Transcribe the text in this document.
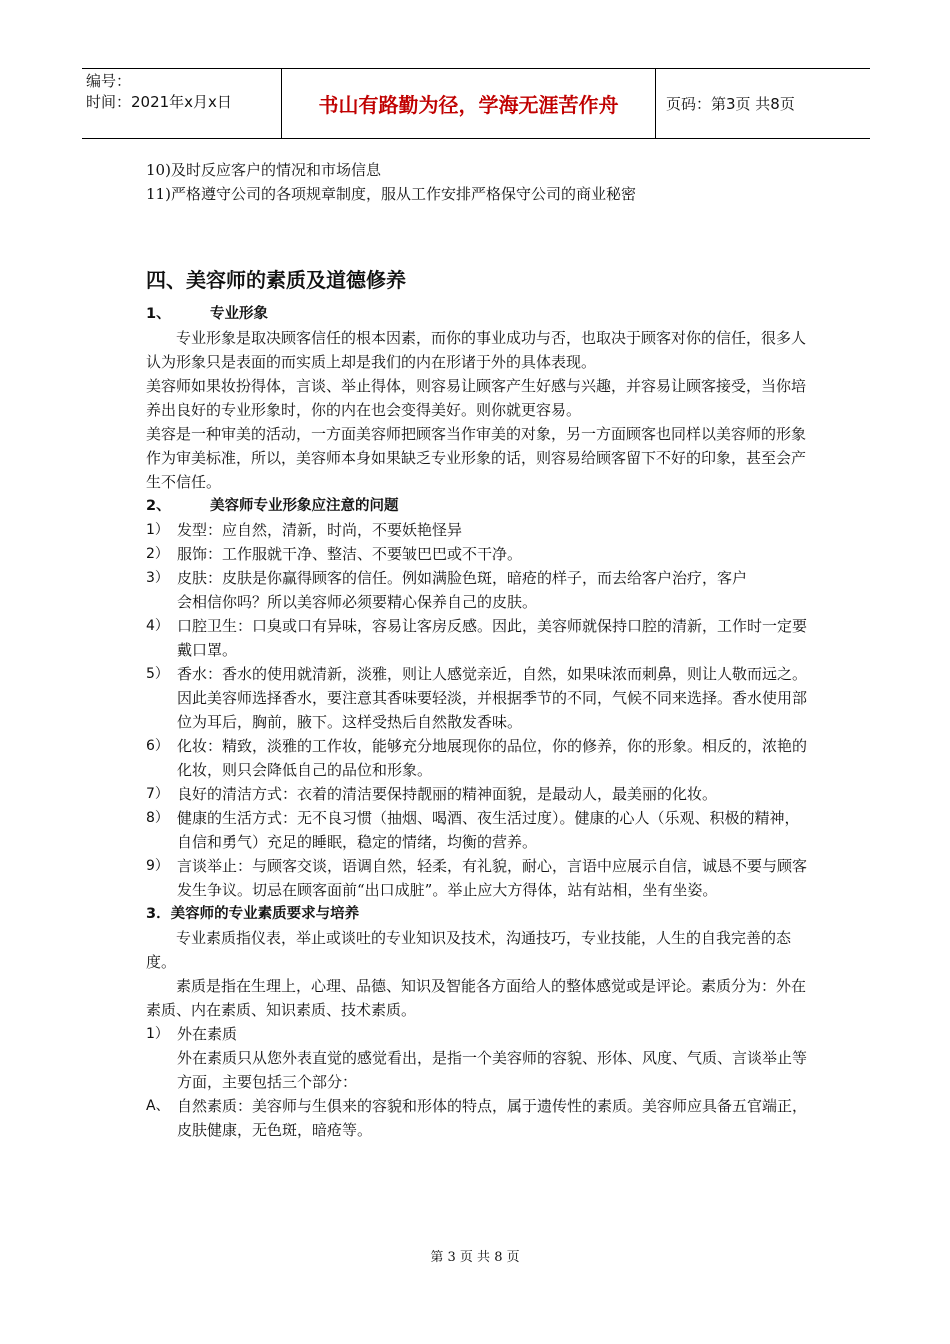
编号：
时间：2021年x月x日	书山有路勤为径，学海无涯苦作舟	页码：第3页 共8页

10)及时反应客户的情况和市场信息

11)严格遵守公司的各项规章制度，服从工作安排严格保守公司的商业秘密

四、美容师的素质及道德修养

1、	专业形象

专业形象是取决顾客信任的根本因素，而你的事业成功与否，也取决于顾客对你的信任，很多人认为形象只是表面的而实质上却是我们的内在形诸于外的具体表现。

美容师如果妆扮得体，言谈、举止得体，则容易让顾客产生好感与兴趣，并容易让顾客接受，当你培养出良好的专业形象时，你的内在也会变得美好。则你就更容易。

美容是一种审美的活动，一方面美容师把顾客当作审美的对象，另一方面顾客也同样以美容师的形象作为审美标准，所以，美容师本身如果缺乏专业形象的话，则容易给顾客留下不好的印象，甚至会产生不信任。

2、	美容师专业形象应注意的问题

1） 发型：应自然，清新，时尚，不要妖艳怪异
2） 服饰：工作服就干净、整洁、不要皱巴巴或不干净。
3） 皮肤：皮肤是你赢得顾客的信任。例如满脸色斑，暗疮的样子，而去给客户治疗，客户
会相信你吗？所以美容师必须要精心保养自己的皮肤。
4） 口腔卫生：口臭或口有异味，容易让客房反感。因此，美容师就保持口腔的清新，工作时一定要戴口罩。
5） 香水：香水的使用就清新，淡雅，则让人感觉亲近，自然，如果味浓而刺鼻，则让人敬而远之。因此美容师选择香水，要注意其香味要轻淡，并根据季节的不同，气候不同来选择。香水使用部位为耳后，胸前，腋下。这样受热后自然散发香味。
6） 化妆：精致，淡雅的工作妆，能够充分地展现你的品位，你的修养，你的形象。相反的，浓艳的化妆，则只会降低自己的品位和形象。
7） 良好的清洁方式：衣着的清洁要保持靓丽的精神面貌，是最动人，最美丽的化妆。
8） 健康的生活方式：无不良习惯（抽烟、喝酒、夜生活过度）。健康的心人（乐观、积极的精神，自信和勇气）充足的睡眠，稳定的情绪，均衡的营养。
9） 言谈举止：与顾客交谈，语调自然，轻柔，有礼貌，耐心，言语中应展示自信，诚恳不要与顾客发生争议。切忌在顾客面前“出口成脏”。举止应大方得体，站有站相，坐有坐姿。

3．美容师的专业素质要求与培养

专业素质指仪表，举止或谈吐的专业知识及技术，沟通技巧，专业技能，人生的自我完善的态度。

素质是指在生理上，心理、品德、知识及智能各方面给人的整体感觉或是评论。素质分为：外在素质、内在素质、知识素质、技术素质。

1） 外在素质

外在素质只从您外表直觉的感觉看出，是指一个美容师的容貌、形体、风度、气质、言谈举止等方面，主要包括三个部分：

A、 自然素质：美容师与生俱来的容貌和形体的特点，属于遗传性的素质。美容师应具备五官端正，皮肤健康，无色斑，暗疮等。
第 3 页 共 8 页
